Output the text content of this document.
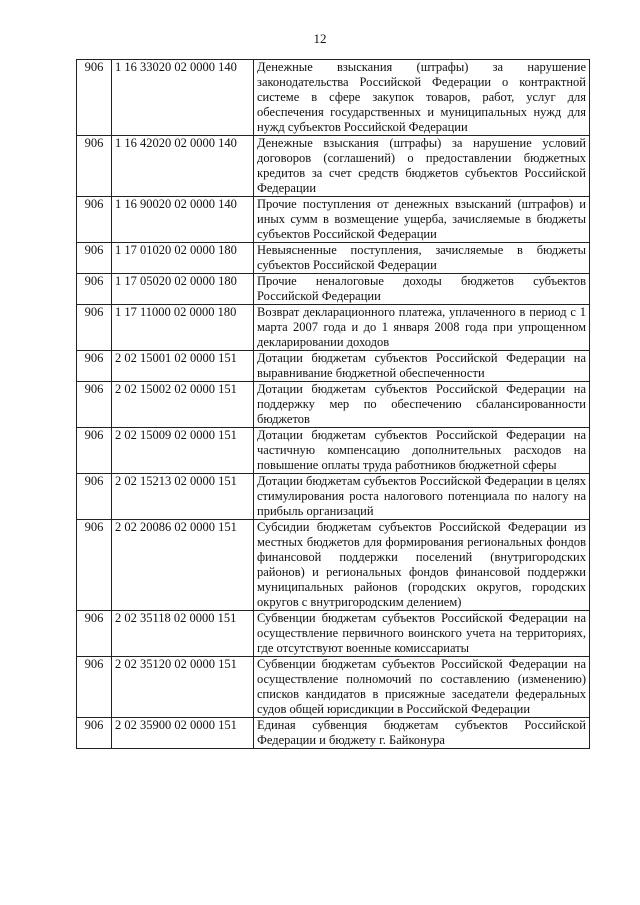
12
906	1 16 33020 02 0000 140	Денежные взыскания (штрафы) за нарушение законодательства Российской Федерации о контрактной системе в сфере закупок товаров, работ, услуг для обеспечения государственных и муниципальных нужд для нужд субъектов Российской Федерации
906	1 16 42020 02 0000 140	Денежные взыскания (штрафы) за нарушение условий договоров (соглашений) о предоставлении бюджетных кредитов за счет средств бюджетов субъектов Российской Федерации
906	1 16 90020 02 0000 140	Прочие поступления от денежных взысканий (штрафов) и иных сумм в возмещение ущерба, зачисляемые в бюджеты субъектов Российской Федерации
906	1 17 01020 02 0000 180	Невыясненные поступления, зачисляемые в бюджеты субъектов Российской Федерации
906	1 17 05020 02 0000 180	Прочие неналоговые доходы бюджетов субъектов Российской Федерации
906	1 17 11000 02 0000 180	Возврат декларационного платежа, уплаченного в период с 1 марта 2007 года и до 1 января 2008 года при упрощенном декларировании доходов
906	2 02 15001 02 0000 151	Дотации бюджетам субъектов Российской Федерации на выравнивание бюджетной обеспеченности
906	2 02 15002 02 0000 151	Дотации бюджетам субъектов Российской Федерации на поддержку мер по обеспечению сбалансированности бюджетов
906	2 02 15009 02 0000 151	Дотации бюджетам субъектов Российской Федерации на частичную компенсацию дополнительных расходов на повышение оплаты труда работников бюджетной сферы
906	2 02 15213 02 0000 151	Дотации бюджетам субъектов Российской Федерации в целях стимулирования роста налогового потенциала по налогу на прибыль организаций
906	2 02 20086 02 0000 151	Субсидии бюджетам субъектов Российской Федерации из местных бюджетов для формирования региональных фондов финансовой поддержки поселений (внутригородских районов) и региональных фондов финансовой поддержки муниципальных районов (городских округов, городских округов с внутригородским делением)
906	2 02 35118 02 0000 151	Субвенции бюджетам субъектов Российской Федерации на осуществление первичного воинского учета на территориях, где отсутствуют военные комиссариаты
906	2 02 35120 02 0000 151	Субвенции бюджетам субъектов Российской Федерации на осуществление полномочий по составлению (изменению) списков кандидатов в присяжные заседатели федеральных судов общей юрисдикции в Российской Федерации
906	2 02 35900 02 0000 151	Единая субвенция бюджетам субъектов Российской Федерации и бюджету г. Байконура
